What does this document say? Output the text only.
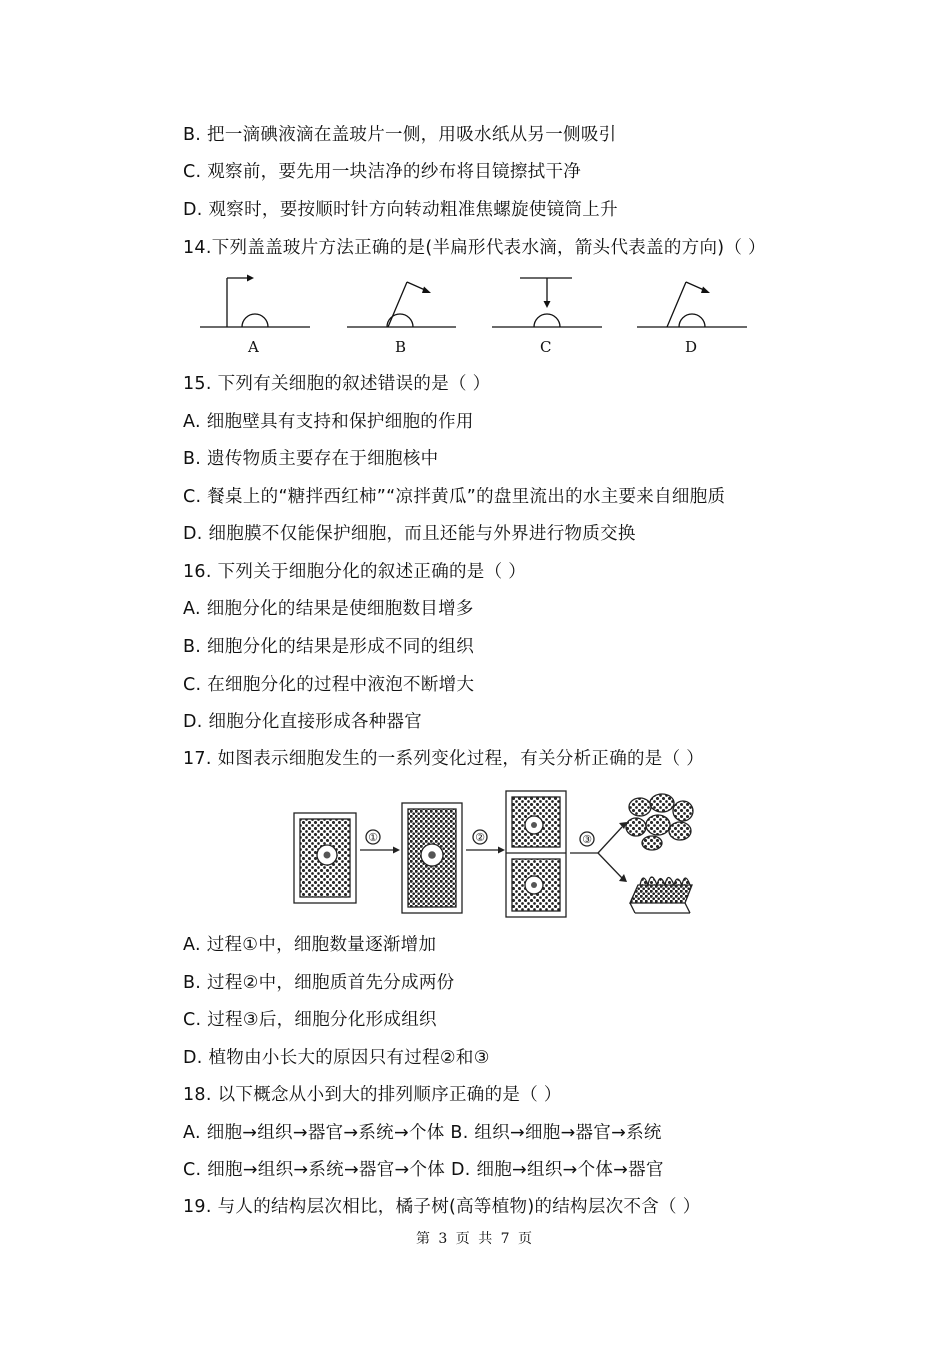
B. 把一滴碘液滴在盖玻片一侧，用吸水纸从另一侧吸引
C. 观察前，要先用一块洁净的纱布将目镜擦拭干净
D. 观察时，要按顺时针方向转动粗准焦螺旋使镜筒上升
14.下列盖盖玻片方法正确的是(半扁形代表水滴，箭头代表盖的方向)（ ）
A	B	C	D
15. 下列有关细胞的叙述错误的是（ ）
A. 细胞壁具有支持和保护细胞的作用
B. 遗传物质主要存在于细胞核中
C. 餐桌上的“糖拌西红柿”“凉拌黄瓜”的盘里流出的水主要来自细胞质
D. 细胞膜不仅能保护细胞，而且还能与外界进行物质交换
16. 下列关于细胞分化的叙述正确的是（ ）
A. 细胞分化的结果是使细胞数目增多
B. 细胞分化的结果是形成不同的组织
C. 在细胞分化的过程中液泡不断增大
D. 细胞分化直接形成各种器官
17. 如图表示细胞发生的一系列变化过程，有关分析正确的是（ ）
①	②	③
A. 过程①中，细胞数量逐渐增加
B. 过程②中，细胞质首先分成两份
C. 过程③后，细胞分化形成组织
D. 植物由小长大的原因只有过程②和③
18. 以下概念从小到大的排列顺序正确的是（ ）
A. 细胞→组织→器官→系统→个体 B. 组织→细胞→器官→系统
C. 细胞→组织→系统→器官→个体 D. 细胞→组织→个体→器官
19. 与人的结构层次相比，橘子树(高等植物)的结构层次不含（ ）
第 3 页 共 7 页
